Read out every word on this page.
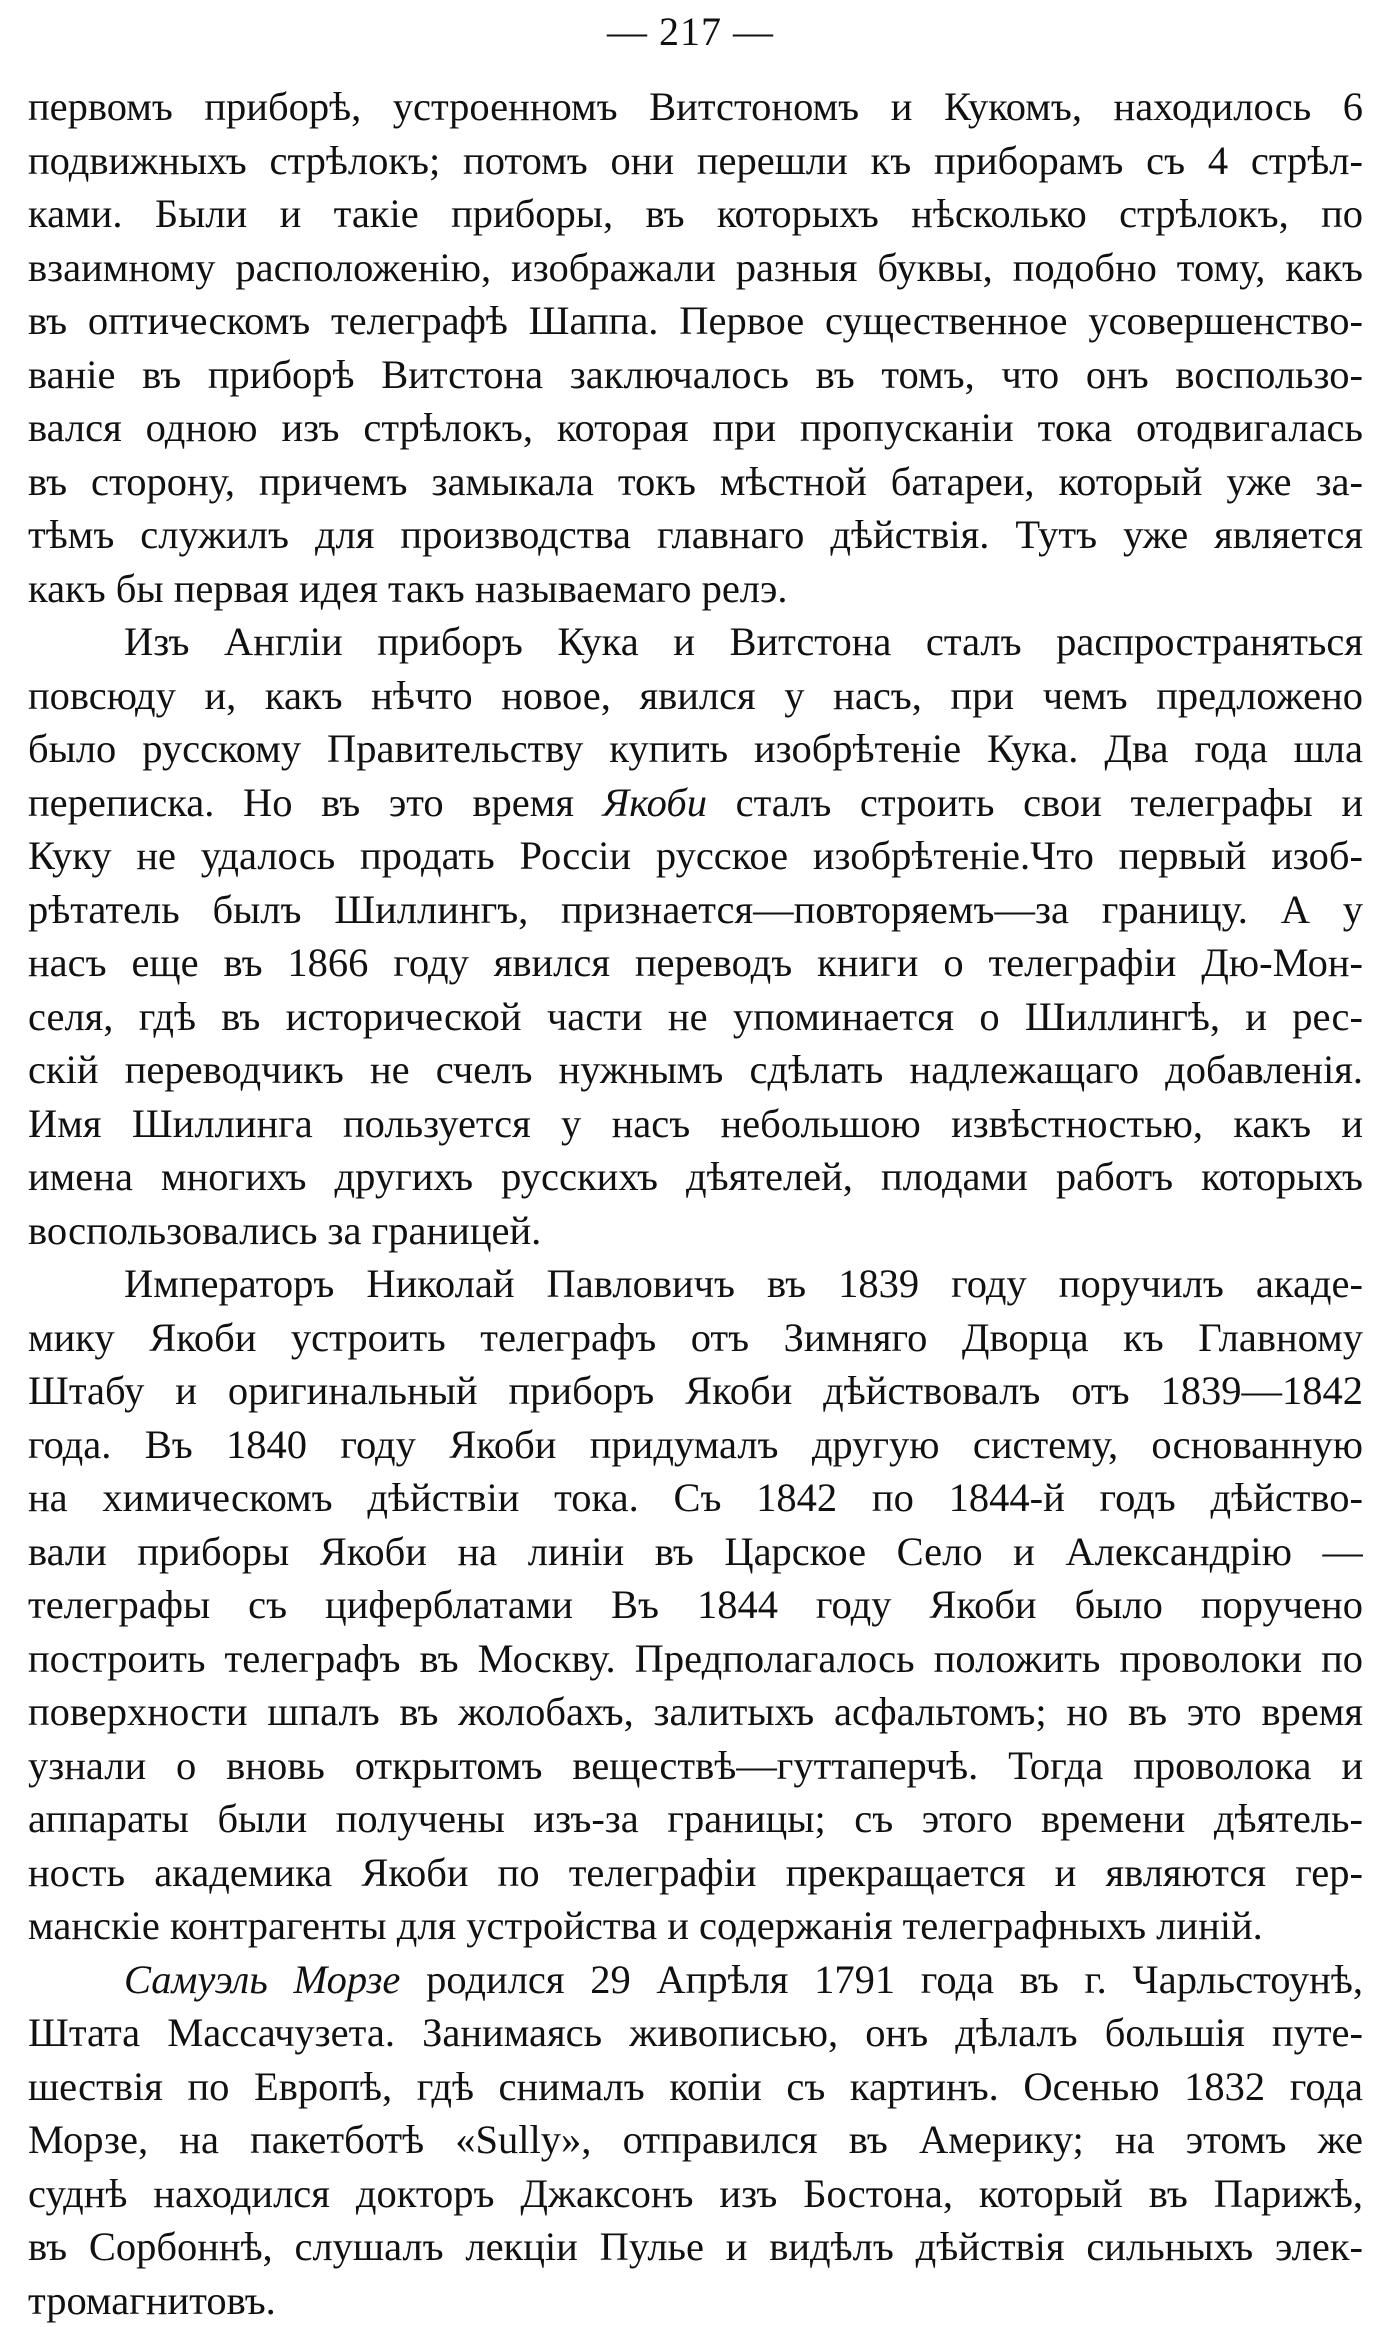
— 217 —
первомъ приборѣ, устроенномъ Витстономъ и Кукомъ, находилось 6
подвижныхъ стрѣлокъ; потомъ они перешли къ приборамъ съ 4 стрѣл-
ками. Были и такіе приборы, въ которыхъ нѣсколько стрѣлокъ, по
взаимному расположенію, изображали разныя буквы, подобно тому, какъ
въ оптическомъ телеграфѣ Шаппа. Первое существенное усовершенство-
ваніе въ приборѣ Витстона заключалось въ томъ, что онъ воспользо-
вался одною изъ стрѣлокъ, которая при пропусканіи тока отодвигалась
въ сторону, причемъ замыкала токъ мѣстной батареи, который уже за-
тѣмъ служилъ для производства главнаго дѣйствія. Тутъ уже является
какъ бы первая идея такъ называемаго релэ.
Изъ Англіи приборъ Кука и Витстона сталъ распространяться
повсюду и, какъ нѣчто новое, явился у насъ, при чемъ предложено
было русскому Правительству купить изобрѣтеніе Кука. Два года шла
переписка. Но въ это время Якоби сталъ строить свои телеграфы и
Куку не удалось продать Россіи русское изобрѣтеніе.Что первый изоб-
рѣтатель былъ Шиллингъ, признается—повторяемъ—за границу. А у
насъ еще въ 1866 году явился переводъ книги о телеграфіи Дю-Мон-
селя, гдѣ въ исторической части не упоминается о Шиллингѣ, и рес-
скій переводчикъ не счелъ нужнымъ сдѣлать надлежащаго добавленія.
Имя Шиллинга пользуется у насъ небольшою извѣстностью, какъ и
имена многихъ другихъ русскихъ дѣятелей, плодами работъ которыхъ
воспользовались за границей.
Императоръ Николай Павловичъ въ 1839 году поручилъ акаде-
мику Якоби устроить телеграфъ отъ Зимняго Дворца къ Главному
Штабу и оригинальный приборъ Якоби дѣйствовалъ отъ 1839—1842
года. Въ 1840 году Якоби придумалъ другую систему, основанную
на химическомъ дѣйствіи тока. Съ 1842 по 1844-й годъ дѣйство-
вали приборы Якоби на линіи въ Царское Село и Александрію —
телеграфы съ циферблатами Въ 1844 году Якоби было поручено
построить телеграфъ въ Москву. Предполагалось положить проволоки по
поверхности шпалъ въ жолобахъ, залитыхъ асфальтомъ; но въ это время
узнали о вновь открытомъ веществѣ—гуттаперчѣ. Тогда проволока и
аппараты были получены изъ-за границы; съ этого времени дѣятель-
ность академика Якоби по телеграфіи прекращается и являются гер-
манскіе контрагенты для устройства и содержанія телеграфныхъ линій.
Самуэль Морзе родился 29 Апрѣля 1791 года въ г. Чарльстоунѣ,
Штата Массачузета. Занимаясь живописью, онъ дѣлалъ большія путе-
шествія по Европѣ, гдѣ снималъ копіи съ картинъ. Осенью 1832 года
Морзе, на пакетботѣ «Sully», отправился въ Америку; на этомъ же
суднѣ находился докторъ Джаксонъ изъ Бостона, который въ Парижѣ,
въ Сорбоннѣ, слушалъ лекціи Пулье и видѣлъ дѣйствія сильныхъ элек-
тромагнитовъ.
